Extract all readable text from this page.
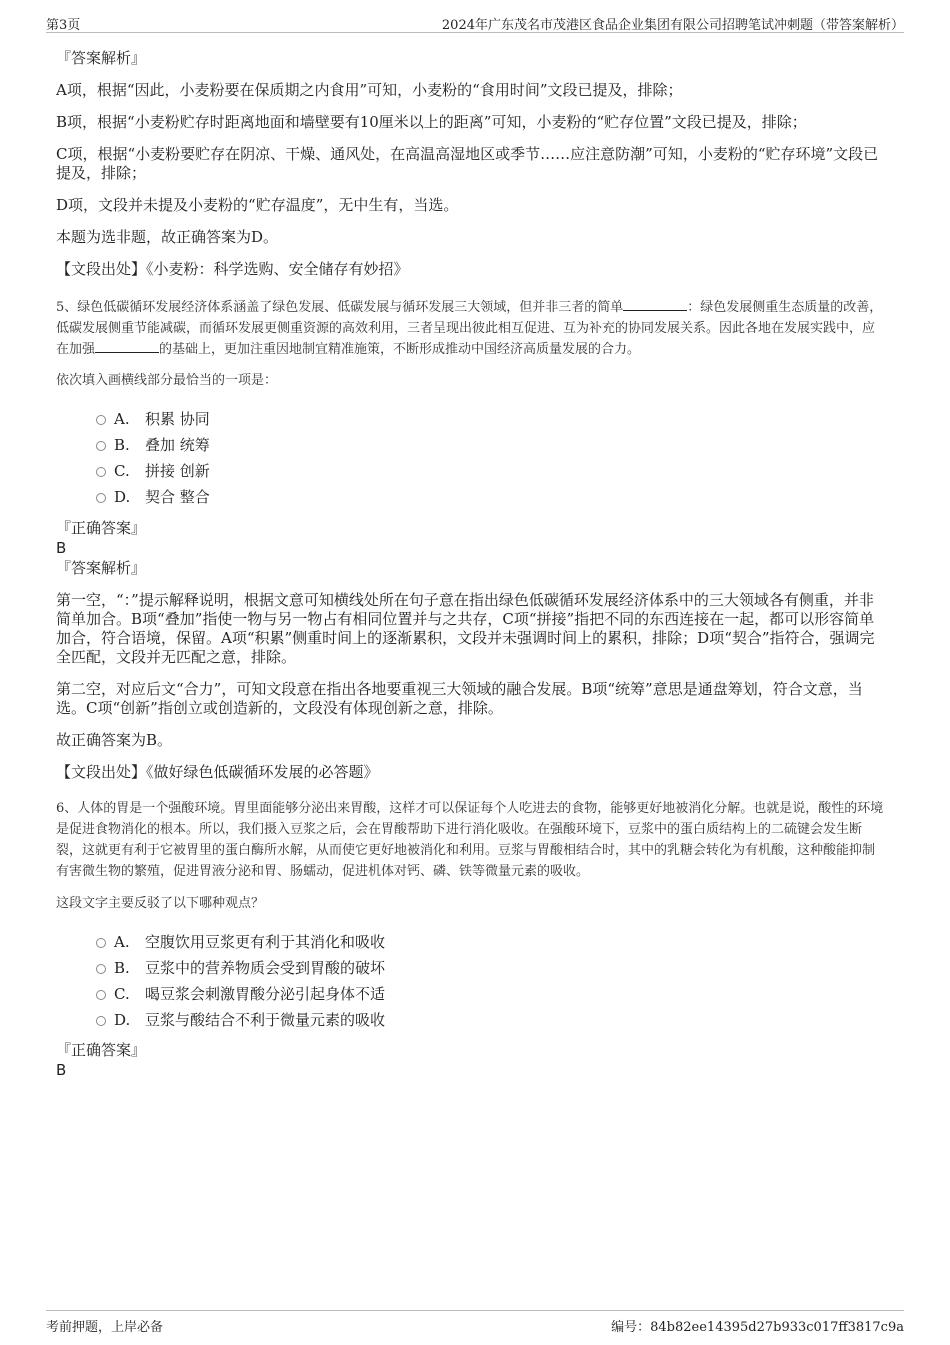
第3页	2024年广东茂名市茂港区食品企业集团有限公司招聘笔试冲刺题（带答案解析）

『答案解析』

A项，根据“因此，小麦粉要在保质期之内食用”可知，小麦粉的“食用时间”文段已提及，排除；

B项，根据“小麦粉贮存时距离地面和墙壁要有10厘米以上的距离”可知，小麦粉的“贮存位置”文段已提及，排除；

C项，根据“小麦粉要贮存在阴凉、干燥、通风处，在高温高湿地区或季节……应注意防潮”可知，小麦粉的“贮存环境”文段已提及，排除；

D项，文段并未提及小麦粉的“贮存温度”，无中生有，当选。

本题为选非题，故正确答案为D。

【文段出处】《小麦粉：科学选购、安全储存有妙招》

5、绿色低碳循环发展经济体系涵盖了绿色发展、低碳发展与循环发展三大领域，但并非三者的简单	：绿色发展侧重生态质量的改善，低碳发展侧重节能减碳，而循环发展更侧重资源的高效利用，三者呈现出彼此相互促进、互为补充的协同发展关系。因此各地在发展实践中，应在加强	的基础上，更加注重因地制宜精准施策，不断形成推动中国经济高质量发展的合力。

依次填入画横线部分最恰当的一项是：

A. 积累 协同
B. 叠加 统筹
C. 拼接 创新
D. 契合 整合

『正确答案』

B

『答案解析』

第一空，“：”提示解释说明，根据文意可知横线处所在句子意在指出绿色低碳循环发展经济体系中的三大领域各有侧重，并非简单加合。B项“叠加”指使一物与另一物占有相同位置并与之共存，C项“拼接”指把不同的东西连接在一起，都可以形容简单加合，符合语境，保留。A项“积累”侧重时间上的逐渐累积，文段并未强调时间上的累积，排除；D项“契合”指符合，强调完全匹配，文段并无匹配之意，排除。

第二空，对应后文“合力”，可知文段意在指出各地要重视三大领域的融合发展。B项“统筹”意思是通盘筹划，符合文意，当选。C项“创新”指创立或创造新的，文段没有体现创新之意，排除。

故正确答案为B。

【文段出处】《做好绿色低碳循环发展的必答题》

6、人体的胃是一个强酸环境。胃里面能够分泌出来胃酸，这样才可以保证每个人吃进去的食物，能够更好地被消化分解。也就是说，酸性的环境是促进食物消化的根本。所以，我们摄入豆浆之后，会在胃酸帮助下进行消化吸收。在强酸环境下，豆浆中的蛋白质结构上的二硫键会发生断裂，这就更有利于它被胃里的蛋白酶所水解，从而使它更好地被消化和利用。豆浆与胃酸相结合时，其中的乳糖会转化为有机酸，这种酸能抑制有害微生物的繁殖，促进胃液分泌和胃、肠蠕动，促进机体对钙、磷、铁等微量元素的吸收。

这段文字主要反驳了以下哪种观点？

A. 空腹饮用豆浆更有利于其消化和吸收
B. 豆浆中的营养物质会受到胃酸的破坏
C. 喝豆浆会刺激胃酸分泌引起身体不适
D. 豆浆与酸结合不利于微量元素的吸收

『正确答案』

B

考前押题，上岸必备	编号：84b82ee14395d27b933c017ff3817c9a
